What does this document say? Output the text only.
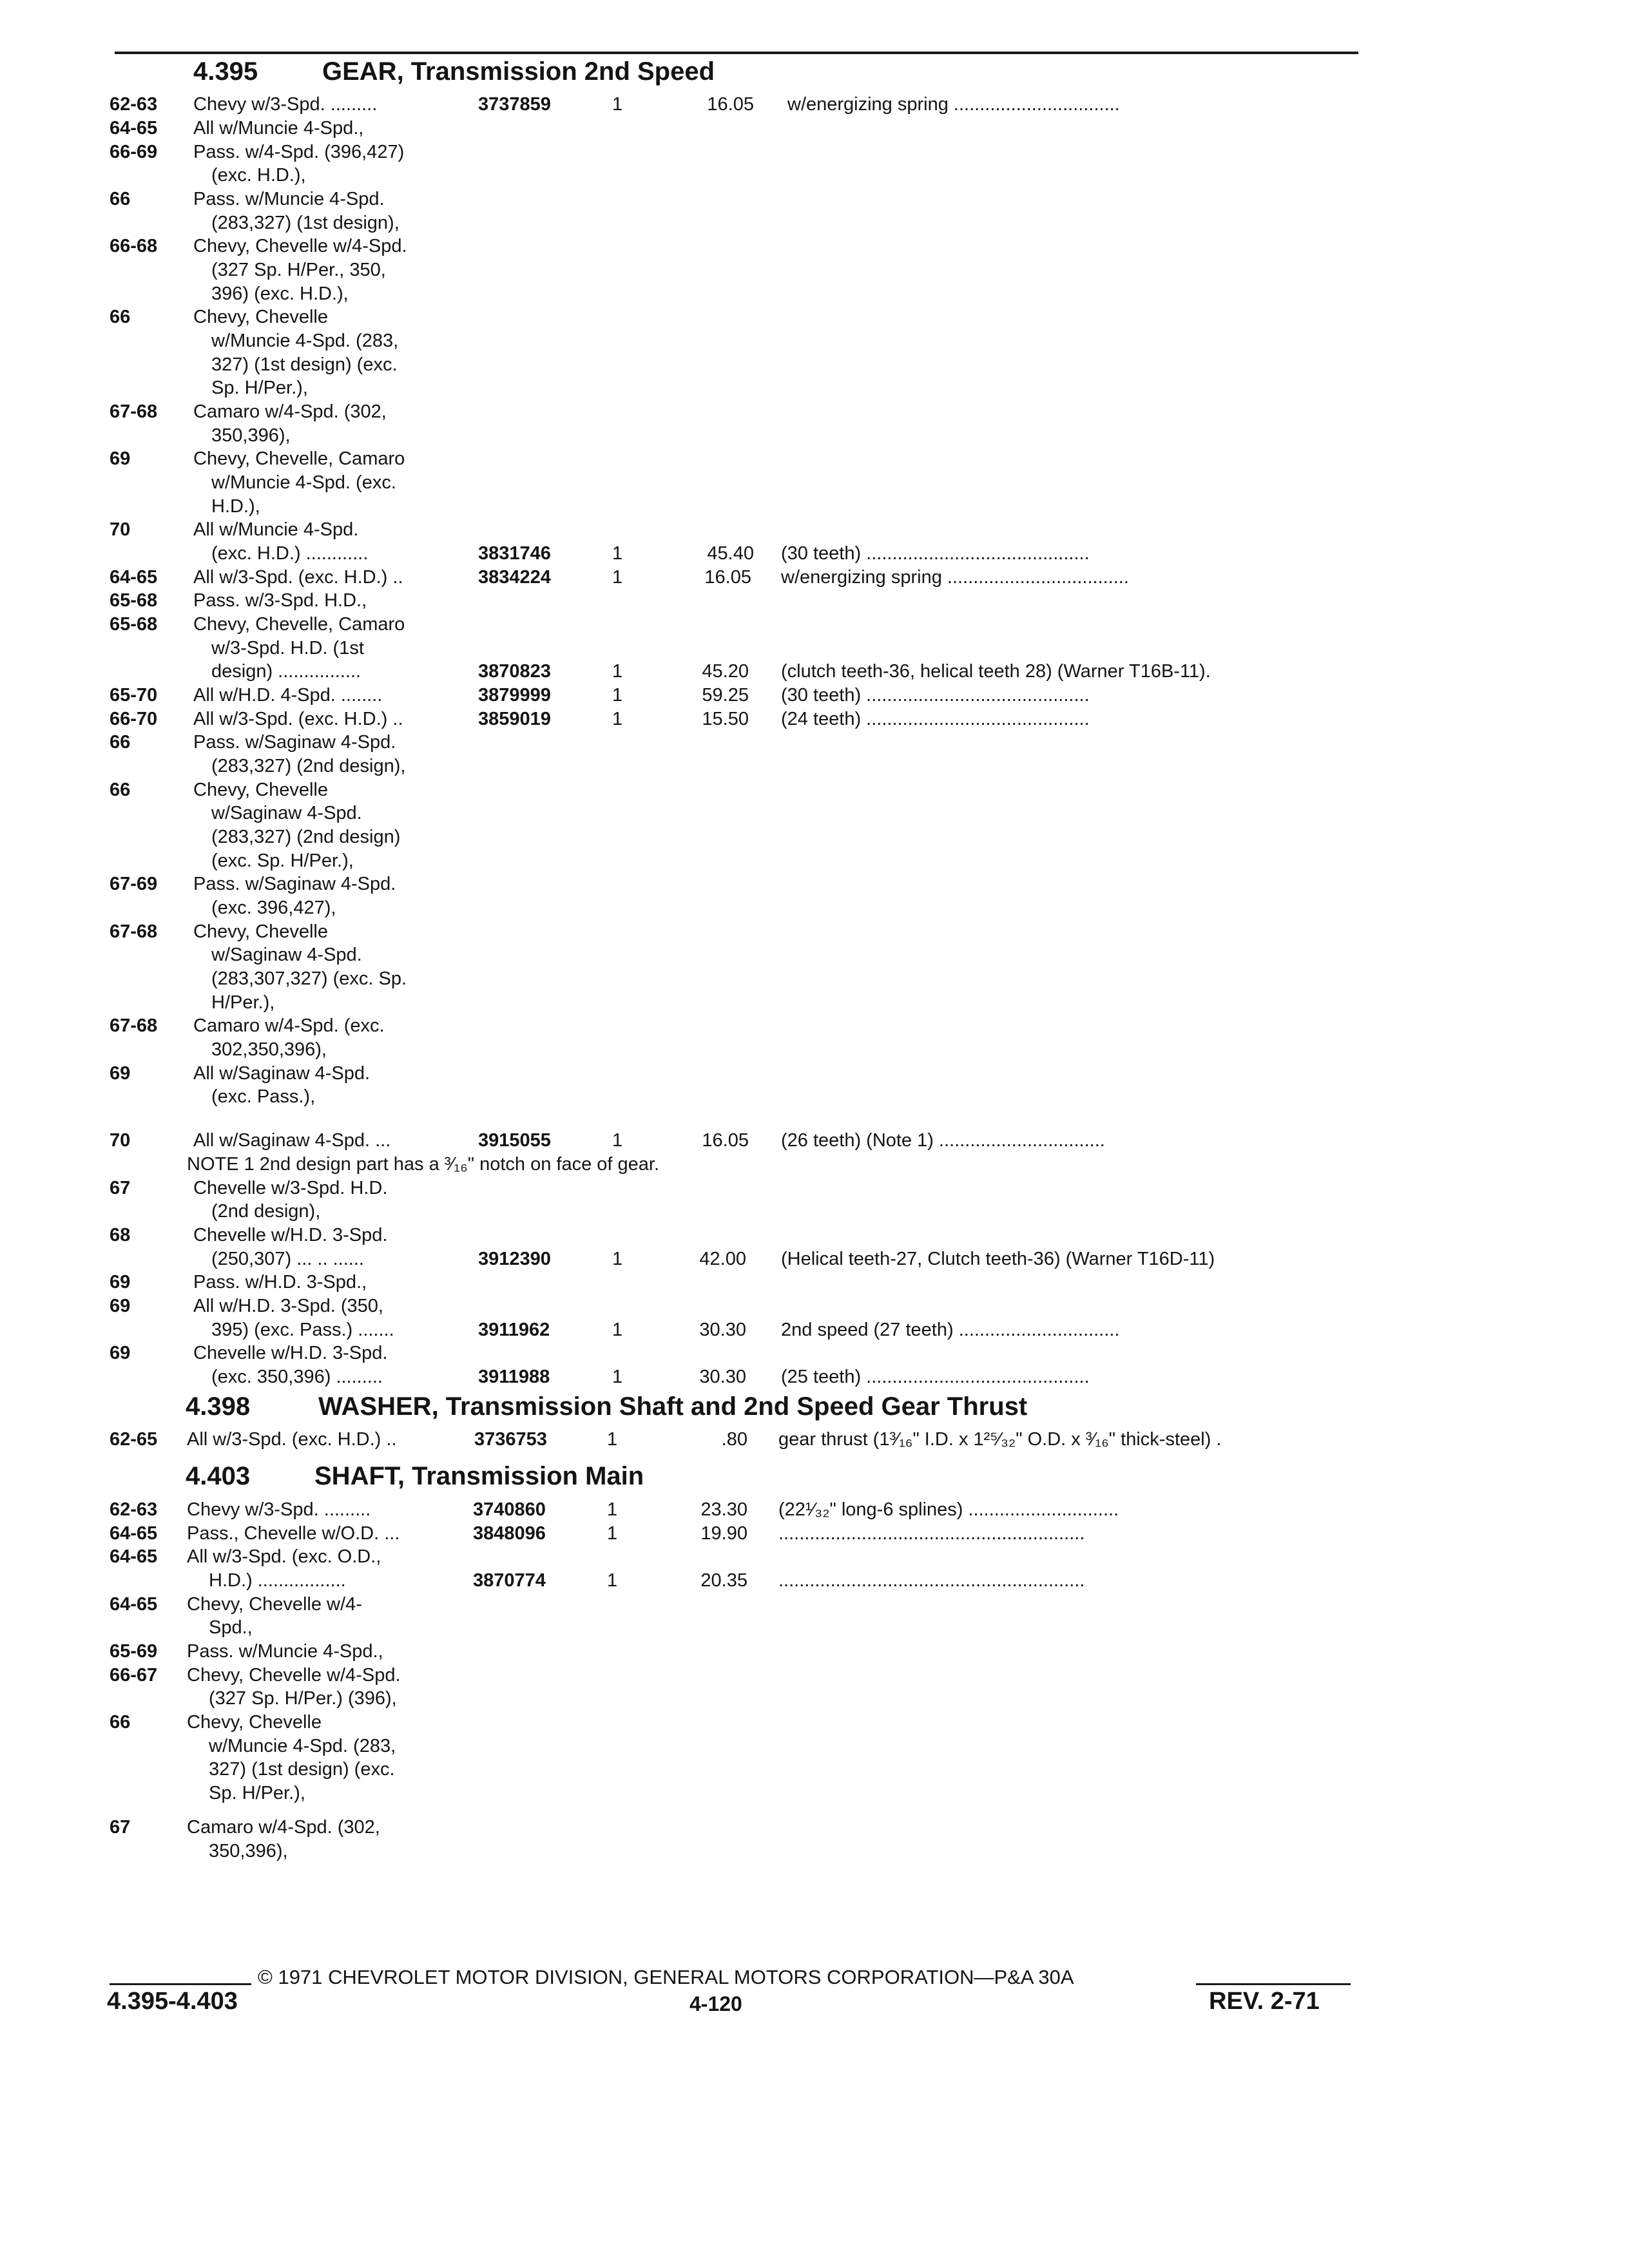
4.395 GEAR, Transmission 2nd Speed
62-63 Chevy w/3-Spd. .........	3737859	1	16.05 w/energizing spring ................................
64-65 All w/Muncie 4-Spd.,
66-69 Pass. w/4-Spd. (396,427)
(exc. H.D.),
66	Pass. w/Muncie 4-Spd.
(283,327) (1st design),
66-68 Chevy, Chevelle w/4-Spd.
(327 Sp. H/Per., 350,
396) (exc. H.D.),
66	Chevy, Chevelle
w/Muncie 4-Spd. (283,
327) (1st design) (exc.
Sp. H/Per.),
67-68 Camaro w/4-Spd. (302,
350,396),
69	Chevy, Chevelle, Camaro
w/Muncie 4-Spd. (exc.
H.D.),
70	All w/Muncie 4-Spd.
(exc. H.D.) ............	3831746	1	45.40 (30 teeth) ...........................................
64-65 All w/3-Spd. (exc. H.D.) ..	3834224	1	16.05 w/energizing spring ...................................
65-68 Pass. w/3-Spd. H.D.,
65-68 Chevy, Chevelle, Camaro
w/3-Spd. H.D. (1st
design) ................	3870823	1	45.20 (clutch teeth-36, helical teeth 28) (Warner T16B-11).
65-70 All w/H.D. 4-Spd. ........	3879999	1	59.25 (30 teeth) ...........................................
66-70 All w/3-Spd. (exc. H.D.) ..	3859019	1	15.50 (24 teeth) ...........................................
66	Pass. w/Saginaw 4-Spd.
(283,327) (2nd design),
66	Chevy, Chevelle
w/Saginaw 4-Spd.
(283,327) (2nd design)
(exc. Sp. H/Per.),
67-69 Pass. w/Saginaw 4-Spd.
(exc. 396,427),
67-68 Chevy, Chevelle
w/Saginaw 4-Spd.
(283,307,327) (exc. Sp.
H/Per.),
67-68 Camaro w/4-Spd. (exc.
302,350,396),
69	All w/Saginaw 4-Spd.
(exc. Pass.),
70	All w/Saginaw 4-Spd. ...	3915055	1	16.05 (26 teeth) (Note 1) ................................
NOTE 1 2nd design part has a ³⁄₁₆" notch on face of gear.
67	Chevelle w/3-Spd. H.D.
(2nd design),
68	Chevelle w/H.D. 3-Spd.
(250,307) ... .. ......	3912390	1	42.00 (Helical teeth-27, Clutch teeth-36) (Warner T16D-11)
69	Pass. w/H.D. 3-Spd.,
69	All w/H.D. 3-Spd. (350,
395) (exc. Pass.) .......	3911962	1	30.30 2nd speed (27 teeth) ...............................
69	Chevelle w/H.D. 3-Spd.
(exc. 350,396) .........	3911988	1	30.30 (25 teeth) ...........................................
4.398	WASHER, Transmission Shaft and 2nd Speed Gear Thrust
62-65 All w/3-Spd. (exc. H.D.) ..	3736753	1	.80 gear thrust (1³⁄₁₆" I.D. x 1²⁵⁄₃₂" O.D. x ³⁄₁₆" thick-steel) .
4.403 SHAFT, Transmission Main
62-63 Chevy w/3-Spd. .........	3740860	1	23.30 (22¹⁄₃₂" long-6 splines) .............................
64-65 Pass., Chevelle w/O.D. ...	3848096	1	19.90 ...........................................................
64-65 All w/3-Spd. (exc. O.D.,
H.D.) .................	3870774	1	20.35 ...........................................................
64-65 Chevy, Chevelle w/4-
Spd.,
65-69 Pass. w/Muncie 4-Spd.,
66-67 Chevy, Chevelle w/4-Spd.
(327 Sp. H/Per.) (396),
66	Chevy, Chevelle
w/Muncie 4-Spd. (283,
327) (1st design) (exc.
Sp. H/Per.),
67	Camaro w/4-Spd. (302,
350,396),
© 1971 CHEVROLET MOTOR DIVISION, GENERAL MOTORS CORPORATION—P&A 30A
4.395-4.403	4-120	REV. 2-71
